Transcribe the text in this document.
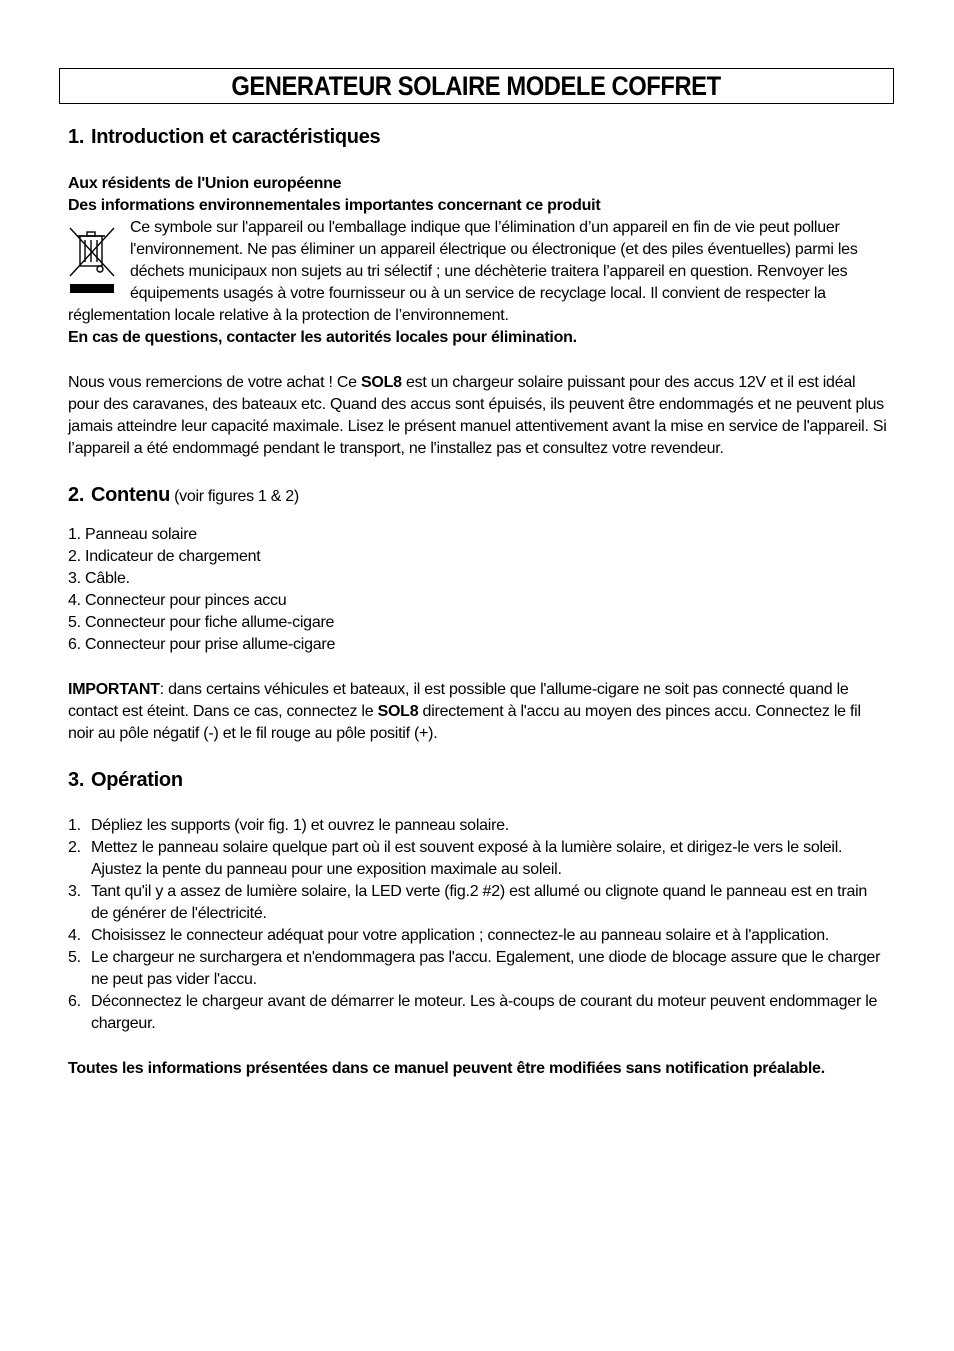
GENERATEUR SOLAIRE MODELE COFFRET
1. Introduction et caractéristiques
Aux résidents de l'Union européenne
Des informations environnementales importantes concernant ce produit
Ce symbole sur l'appareil ou l'emballage indique que l’élimination d’un appareil en fin de vie peut polluer l'environnement. Ne pas éliminer un appareil électrique ou électronique (et des piles éventuelles) parmi les déchets municipaux non sujets au tri sélectif ; une déchèterie traitera l’appareil en question. Renvoyer les équipements usagés à votre fournisseur ou à un service de recyclage local. Il convient de respecter la
réglementation locale relative à la protection de l’environnement.
En cas de questions, contacter les autorités locales pour élimination.

Nous vous remercions de votre achat ! Ce SOL8 est un chargeur solaire puissant pour des accus 12V et il est idéal pour des caravanes, des bateaux etc. Quand des accus sont épuisés, ils peuvent être endommagés et ne peuvent plus jamais atteindre leur capacité maximale. Lisez le présent manuel attentivement avant la mise en service de l'appareil. Si l’appareil a été endommagé pendant le transport, ne l'installez pas et consultez votre revendeur.

2. Contenu (voir figures 1 & 2)
1. Panneau solaire
2. Indicateur de chargement
3. Câble.
4. Connecteur pour pinces accu
5. Connecteur pour fiche allume-cigare
6. Connecteur pour prise allume-cigare

IMPORTANT: dans certains véhicules et bateaux, il est possible que l'allume-cigare ne soit pas connecté quand le contact est éteint. Dans ce cas, connectez le SOL8 directement à l'accu au moyen des pinces accu. Connectez le fil noir au pôle négatif (-) et le fil rouge au pôle positif (+).

3. Opération
1. Dépliez les supports (voir fig. 1) et ouvrez le panneau solaire.
2. Mettez le panneau solaire quelque part où il est souvent exposé à la lumière solaire, et dirigez-le vers le soleil. Ajustez la pente du panneau pour une exposition maximale au soleil.
3. Tant qu'il y a assez de lumière solaire, la LED verte (fig.2 #2) est allumé ou clignote quand le panneau est en train de générer de l'électricité.
4. Choisissez le connecteur adéquat pour votre application ; connectez-le au panneau solaire et à l'application.
5. Le chargeur ne surchargera et n'endommagera pas l'accu. Egalement, une diode de blocage assure que le charger ne peut pas vider l'accu.
6. Déconnectez le chargeur avant de démarrer le moteur. Les à-coups de courant du moteur peuvent endommager le chargeur.
Toutes les informations présentées dans ce manuel peuvent être modifiées sans notification préalable.
